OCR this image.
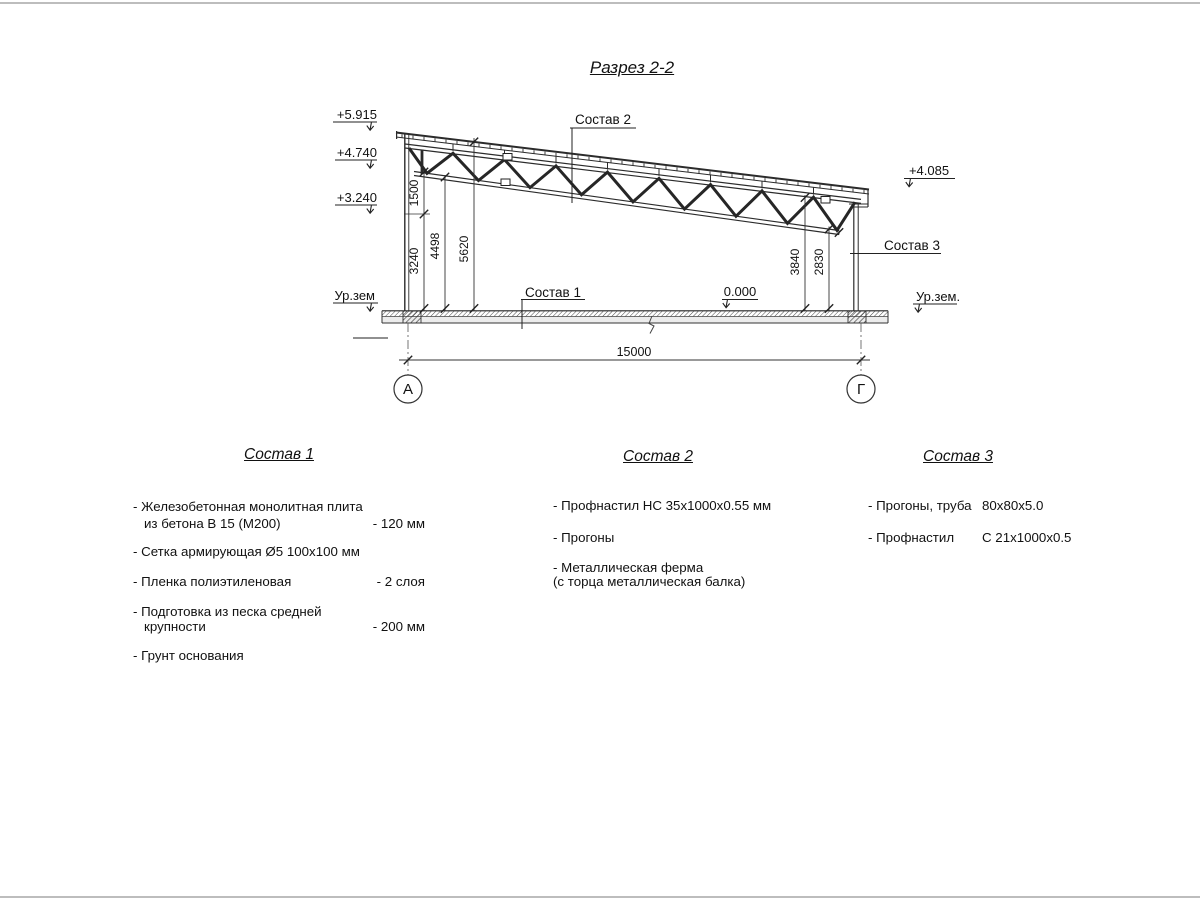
Разрез 2-2
А	Г
1500
3240
4498 5620	3840 2830
15000
+5.915
+4.740
+3.240
Ур.зем
+4.085
Ур.зем.
0.000
Состав 1
Состав 2
Состав 3
Состав 1
- Железобетонная монолитная плита
из бетона В 15 (М200)	- 120 мм
- Сетка армирующая Ø5 100х100 мм
- Пленка полиэтиленовая	- 2 слоя
- Подготовка из песка средней
крупности	- 200 мм
- Грунт основания
Состав 2
- Профнастил НС 35х1000х0.55 мм
- Прогоны
- Металлическая ферма
(с торца металлическая балка)
Состав 3
- Прогоны, труба 80х80х5.0
- Профнастил С 21х1000х0.5
